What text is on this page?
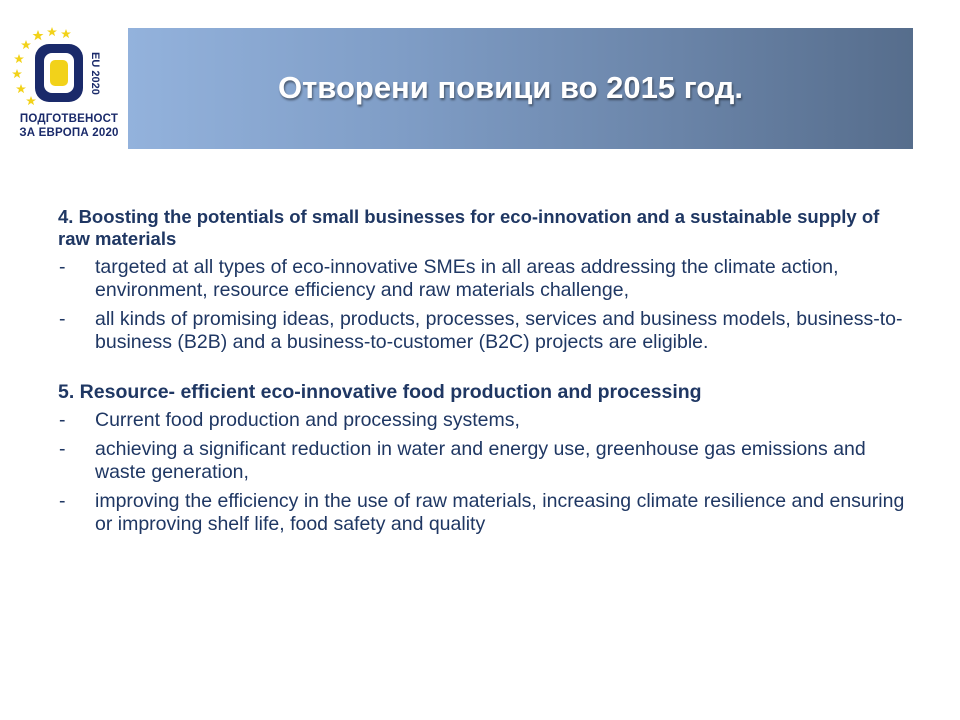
EU 2020
ПОДГОТВЕНОСТ
ЗА ЕВРОПА 2020
Отворени повици во 2015 год.
4. Boosting the potentials of small businesses for eco-innovation and a sustainable supply of raw materials
- targeted at all types of eco-innovative SMEs in all areas addressing the climate action, environment, resource efficiency and raw materials challenge,
- all kinds of promising ideas, products, processes, services and business models, business-to-business (B2B) and a business-to-customer (B2C) projects are eligible.
5. Resource- efficient eco-innovative food production and processing
- Current food production and processing systems,
- achieving a significant reduction in water and energy use, greenhouse gas emissions and waste generation,
- improving the efficiency in the use of raw materials, increasing climate resilience and ensuring or improving shelf life, food safety and quality
